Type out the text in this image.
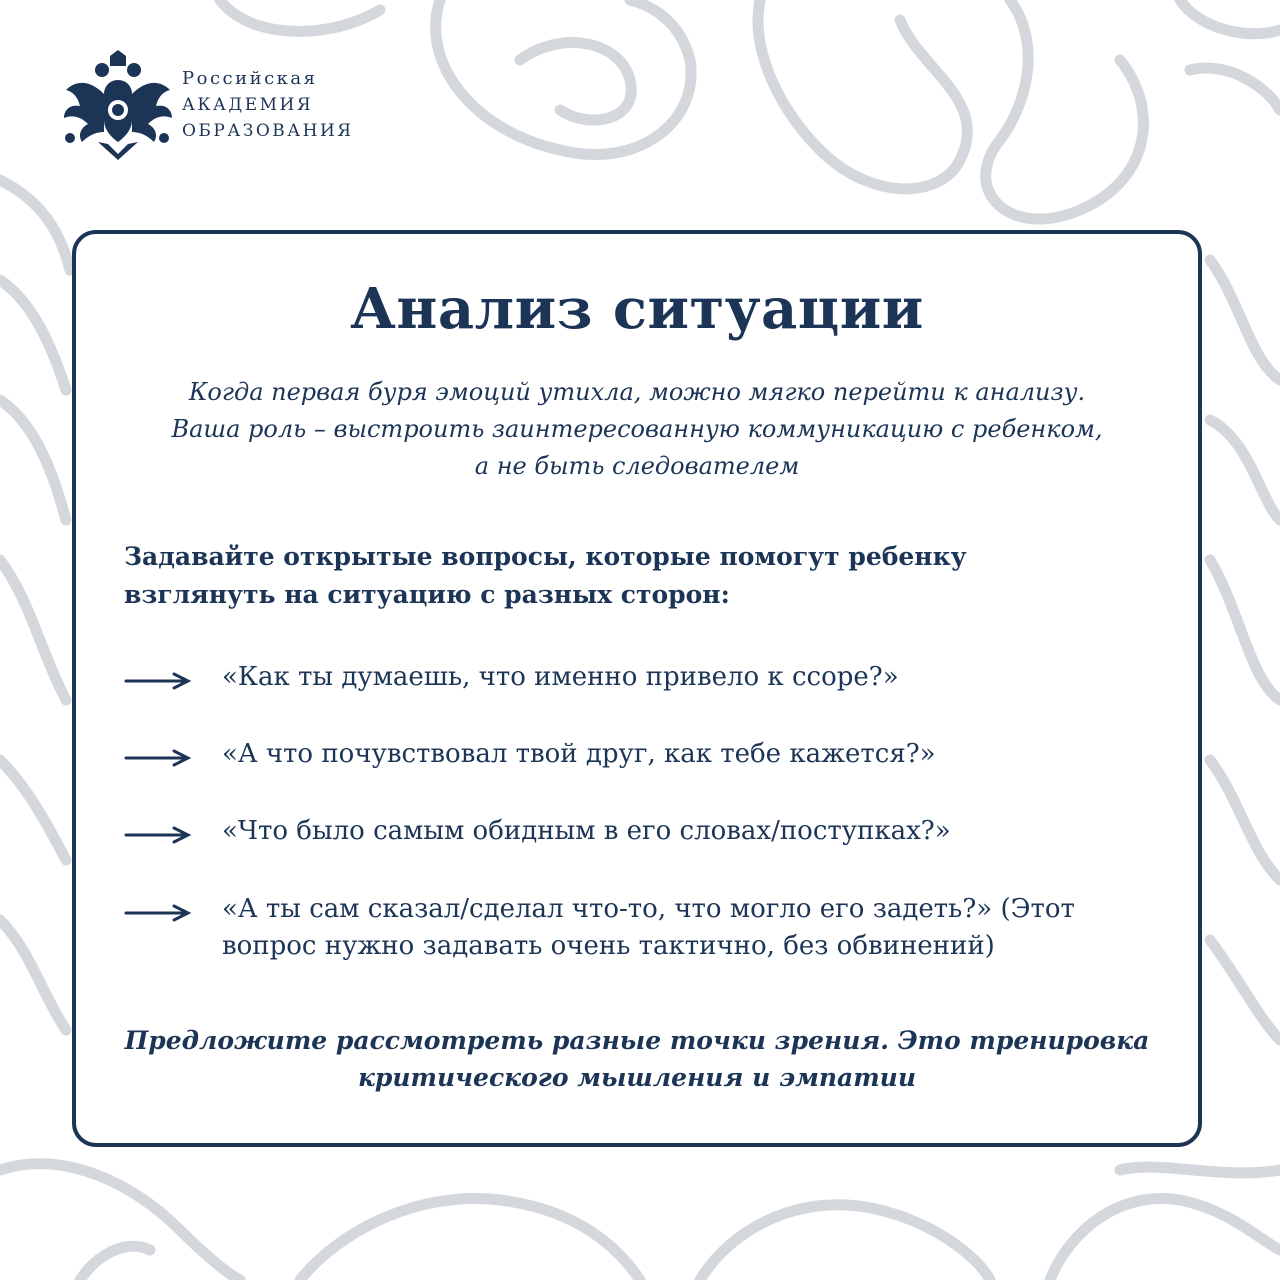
Российская
АКАДЕМИЯ
ОБРАЗОВАНИЯ
Анализ ситуации
Когда первая буря эмоций утихла, можно мягко перейти к анализу.
Ваша роль – выстроить заинтересованную коммуникацию с ребенком,
а не быть следователем
Задавайте открытые вопросы, которые помогут ребенку
взглянуть на ситуацию с разных сторон:
«Как ты думаешь, что именно привело к ссоре?»
«А что почувствовал твой друг, как тебе кажется?»
«Что было самым обидным в его словах/поступках?»
«А ты сам сказал/сделал что-то, что могло его задеть?» (Этот
вопрос нужно задавать очень тактично, без обвинений)
Предложите рассмотреть разные точки зрения. Это тренировка
критического мышления и эмпатии
